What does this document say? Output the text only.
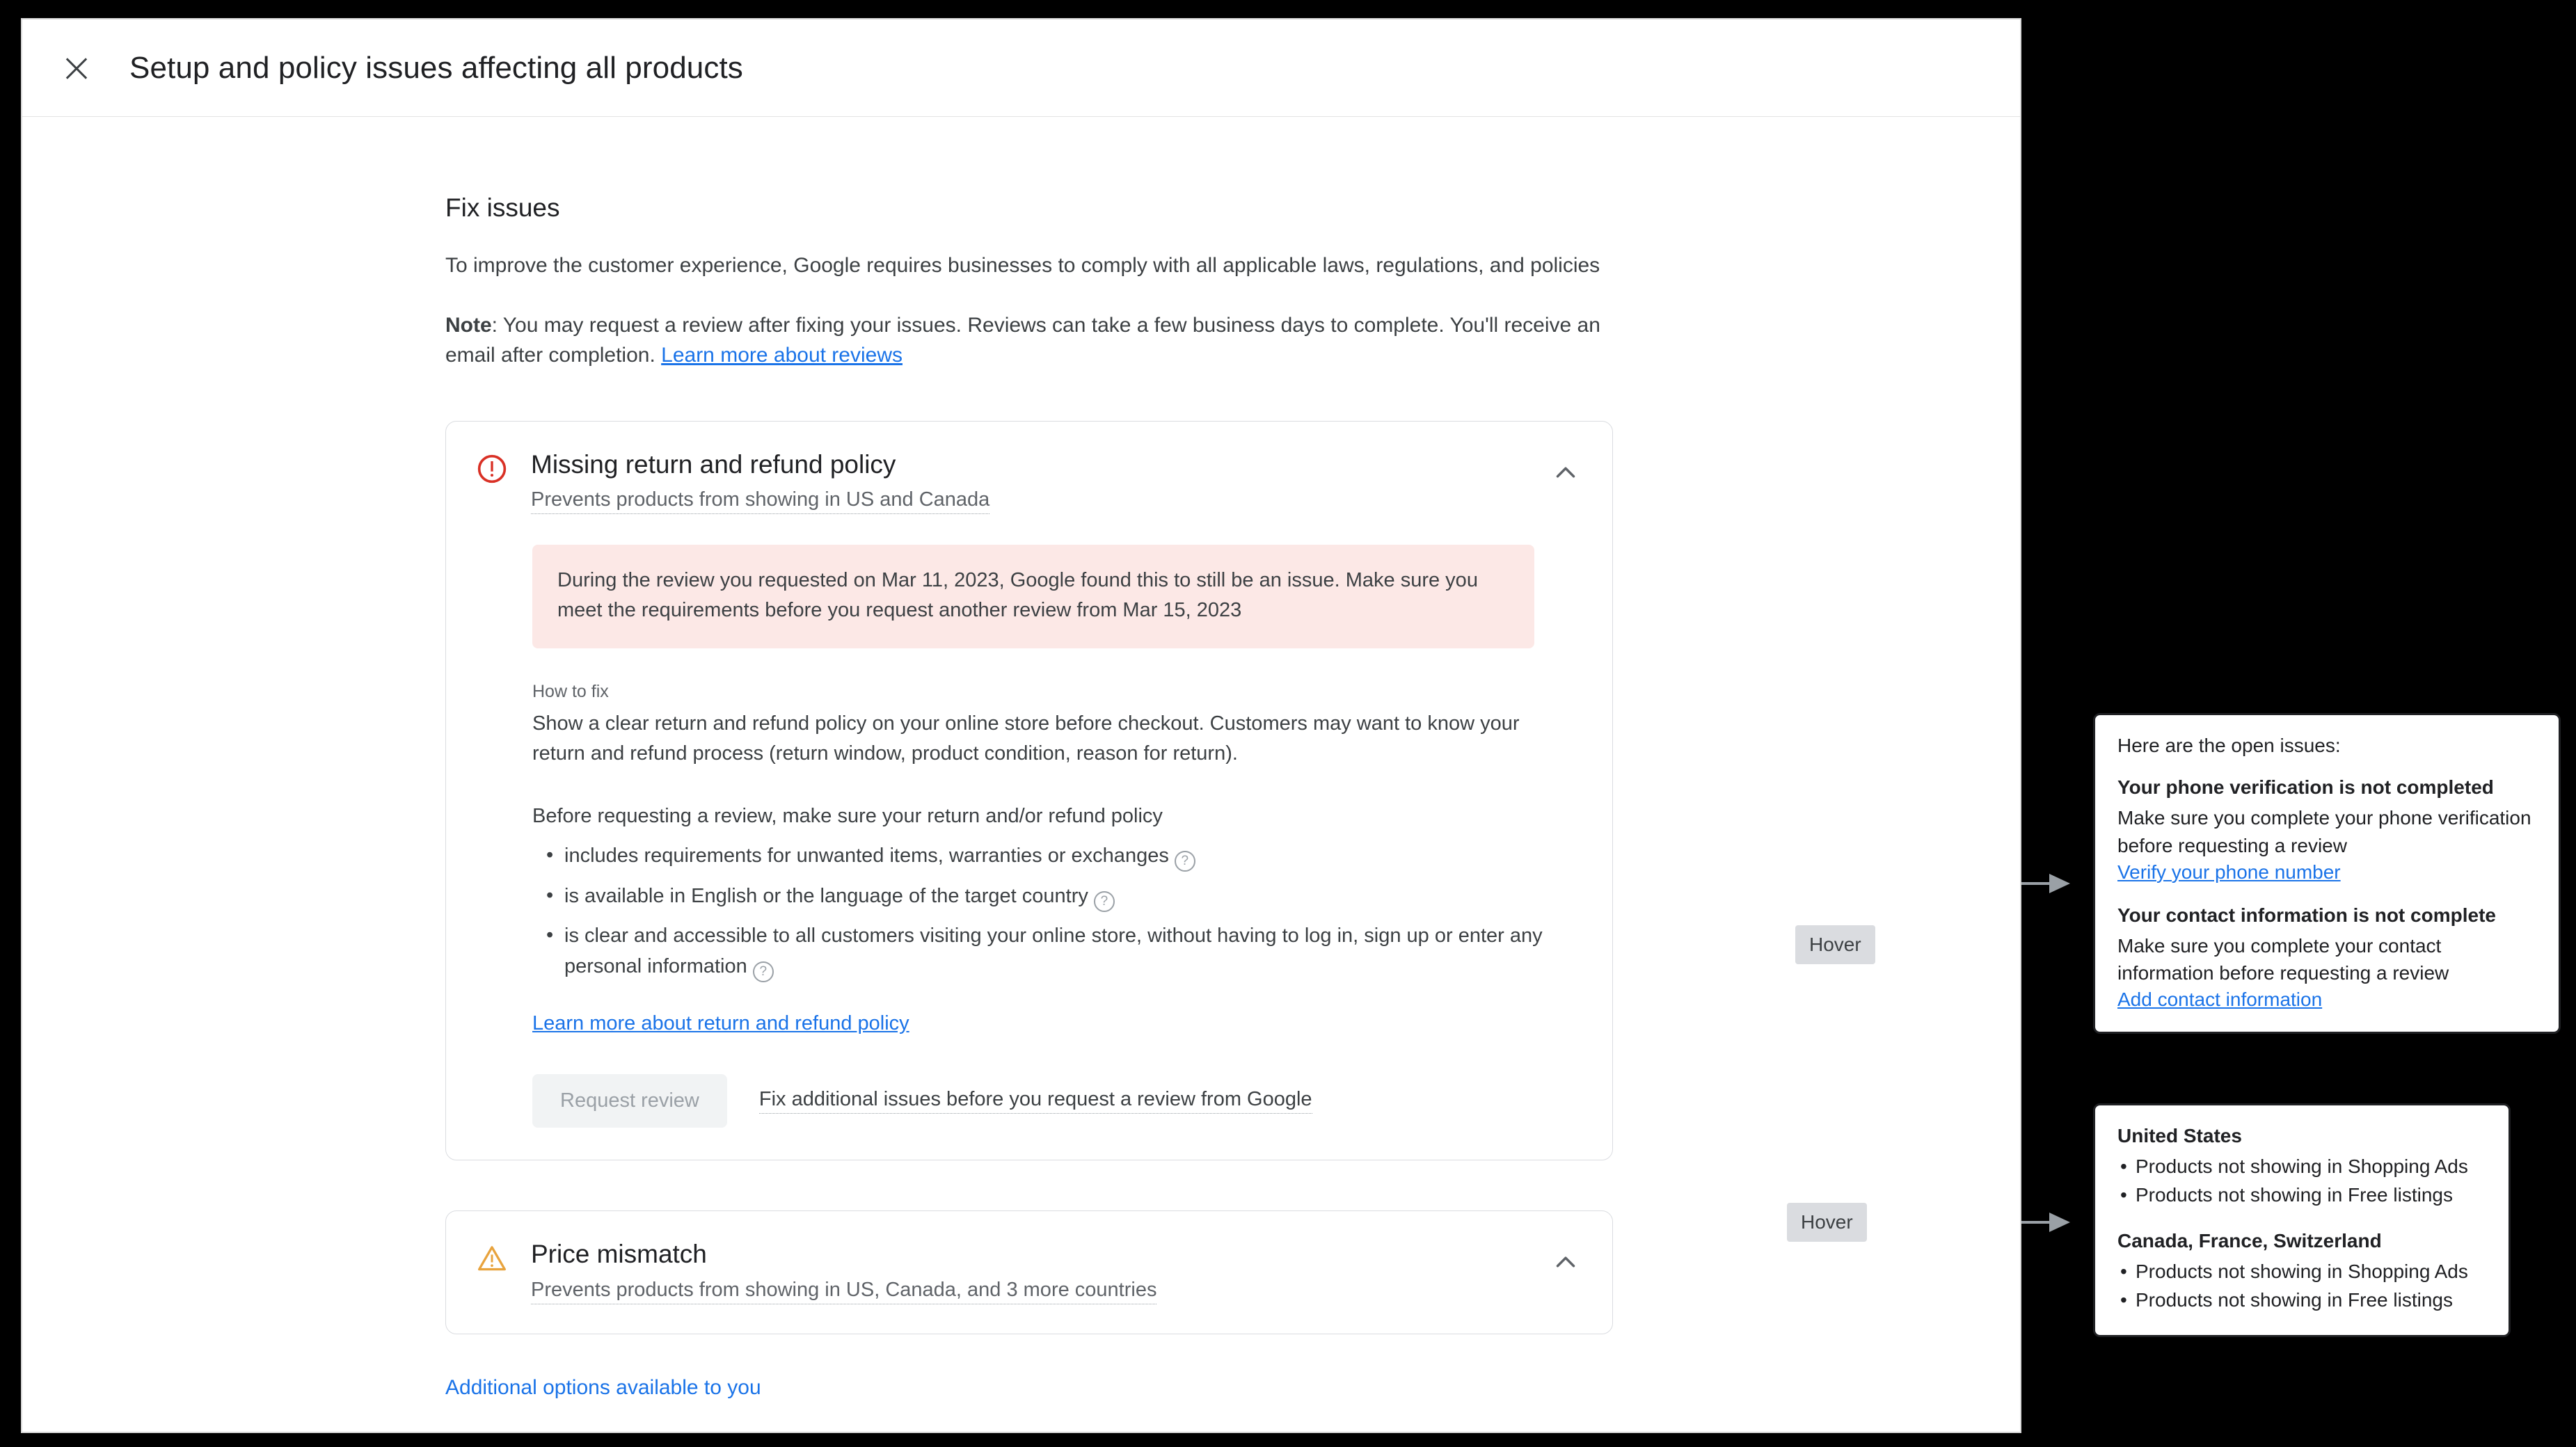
Setup and policy issues affecting all products
Fix issues
To improve the customer experience, Google requires businesses to comply with all applicable laws, regulations, and policies
Note: You may request a review after fixing your issues. Reviews can take a few business days to complete. You'll receive an email after completion. Learn more about reviews
Missing return and refund policy
Prevents products from showing in US and Canada

During the review you requested on Mar 11, 2023, Google found this to still be an issue. Make sure you meet the requirements before you request another review from Mar 15, 2023

How to fix
Show a clear return and refund policy on your online store before checkout. Customers may want to know your return and refund process (return window, product condition, reason for return).
Before requesting a review, make sure your return and/or refund policy
• includes requirements for unwanted items, warranties or exchanges ?
• is available in English or the language of the target country ?
• is clear and accessible to all customers visiting your online store, without having to log in, sign up or enter any personal information ?
Learn more about return and refund policy
Request review	Fix additional issues before you request a review from Google
Price mismatch
Prevents products from showing in US, Canada, and 3 more countries
Additional options available to you
Hover
Hover
Here are the open issues:
Your phone verification is not completed
Make sure you complete your phone verification before requesting a review
Verify your phone number
Your contact information is not complete
Make sure you complete your contact information before requesting a review
Add contact information
United States
• Products not showing in Shopping Ads
• Products not showing in Free listings
Canada, France, Switzerland
• Products not showing in Shopping Ads
• Products not showing in Free listings
